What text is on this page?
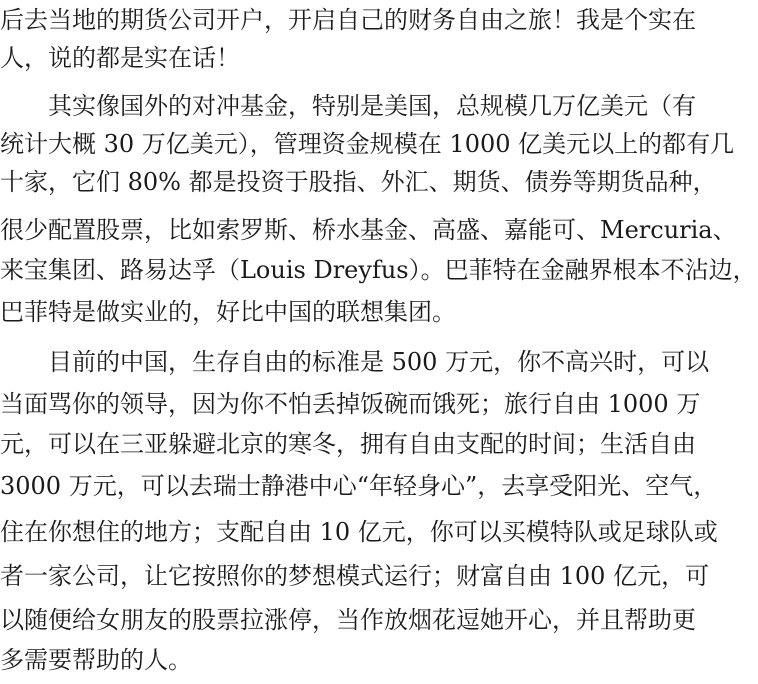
后去当地的期货公司开户，开启自己的财务自由之旅！我是个实在
人，说的都是实在话！
其实像国外的对冲基金，特别是美国，总规模几万亿美元（有
统计大概 30 万亿美元），管理资金规模在 1000 亿美元以上的都有几
十家，它们 80% 都是投资于股指、外汇、期货、债券等期货品种，
很少配置股票，比如索罗斯、桥水基金、高盛、嘉能可、Mercuria、
来宝集团、路易达孚（Louis Dreyfus）。巴菲特在金融界根本不沾边，
巴菲特是做实业的，好比中国的联想集团。
目前的中国，生存自由的标准是 500 万元，你不高兴时，可以
当面骂你的领导，因为你不怕丢掉饭碗而饿死；旅行自由 1000 万
元，可以在三亚躲避北京的寒冬，拥有自由支配的时间；生活自由
3000 万元，可以去瑞士静港中心“年轻身心”，去享受阳光、空气，
住在你想住的地方；支配自由 10 亿元，你可以买模特队或足球队或
者一家公司，让它按照你的梦想模式运行；财富自由 100 亿元，可
以随便给女朋友的股票拉涨停，当作放烟花逗她开心，并且帮助更
多需要帮助的人。
